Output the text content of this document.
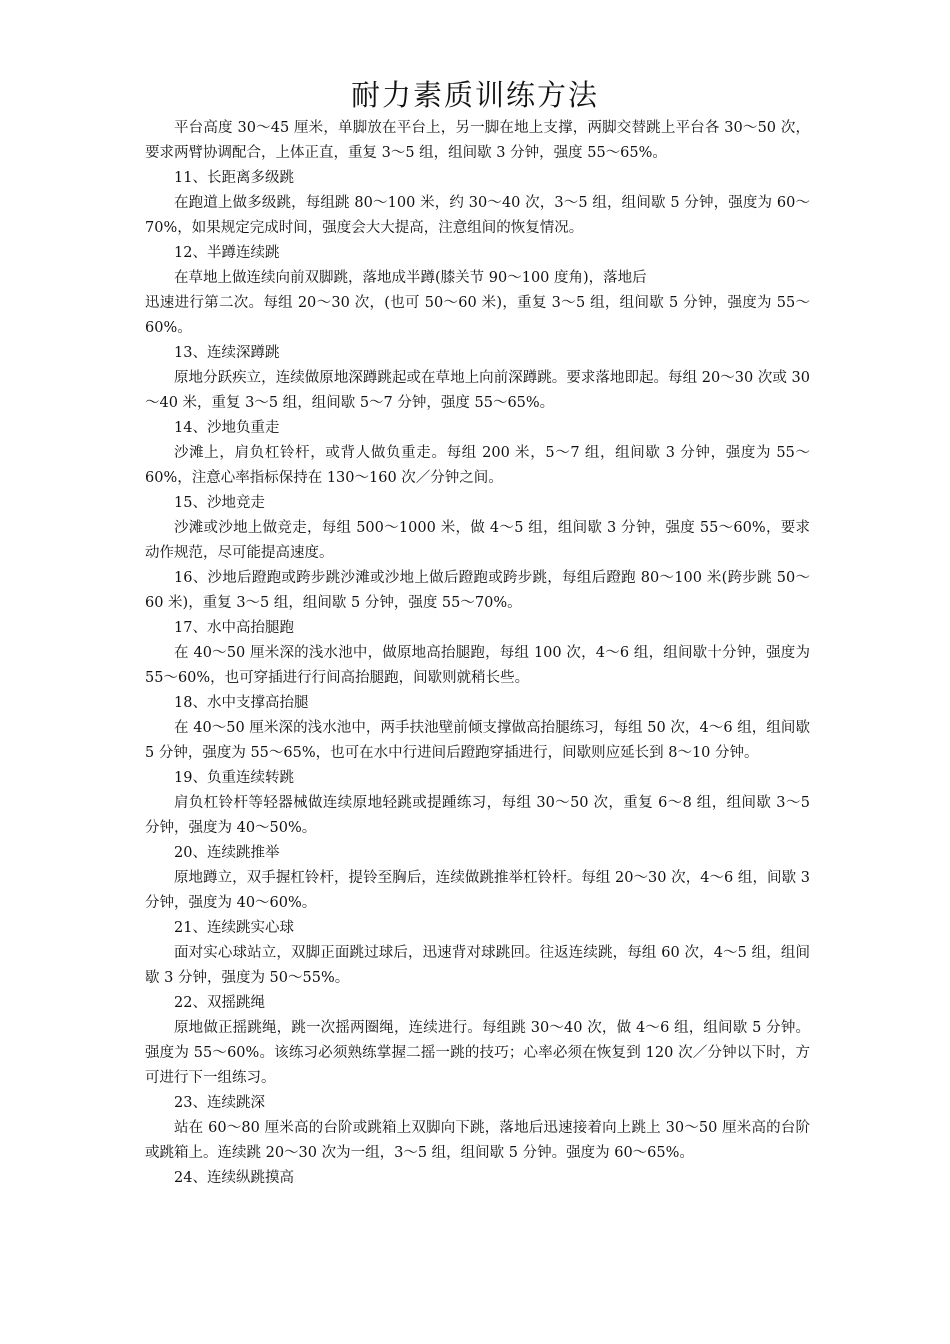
耐力素质训练方法

平台高度 30～45 厘米，单脚放在平台上，另一脚在地上支撑，两脚交替跳上平台各 30～50 次，要求两臂协调配合，上体正直，重复 3～5 组，组间歇 3 分钟，强度 55～65%。

11、长距离多级跳

在跑道上做多级跳，每组跳 80～100 米，约 30～40 次，3～5 组，组间歇 5 分钟，强度为 60～70%，如果规定完成时间，强度会大大提高，注意组间的恢复情况。

12、半蹲连续跳

在草地上做连续向前双脚跳，落地成半蹲(膝关节 90～100 度角)，落地后

迅速进行第二次。每组 20～30 次，(也可 50～60 米)，重复 3～5 组，组间歇 5 分钟，强度为 55～60%。

13、连续深蹲跳

原地分跃疾立，连续做原地深蹲跳起或在草地上向前深蹲跳。要求落地即起。每组 20～30 次或 30～40 米，重复 3～5 组，组间歇 5～7 分钟，强度 55～65%。

14、沙地负重走

沙滩上，肩负杠铃杆，或背人做负重走。每组 200 米，5～7 组，组间歇 3 分钟，强度为 55～60%，注意心率指标保持在 130～160 次／分钟之间。

15、沙地竞走

沙滩或沙地上做竞走，每组 500～1000 米，做 4～5 组，组间歇 3 分钟，强度 55～60%，要求动作规范，尽可能提高速度。

16、沙地后蹬跑或跨步跳沙滩或沙地上做后蹬跑或跨步跳，每组后蹬跑 80～100 米(跨步跳 50～60 米)，重复 3～5 组，组间歇 5 分钟，强度 55～70%。

17、水中高抬腿跑

在 40～50 厘米深的浅水池中，做原地高抬腿跑，每组 100 次，4～6 组，组间歇十分钟，强度为 55～60%，也可穿插进行行间高抬腿跑，间歇则就稍长些。

18、水中支撑高抬腿

在 40～50 厘米深的浅水池中，两手扶池壁前倾支撑做高抬腿练习，每组 50 次，4～6 组，组间歇 5 分钟，强度为 55～65%，也可在水中行进间后蹬跑穿插进行，间歇则应延长到 8～10 分钟。

19、负重连续转跳

肩负杠铃杆等轻器械做连续原地轻跳或提踵练习，每组 30～50 次，重复 6～8 组，组间歇 3～5 分钟，强度为 40～50%。

20、连续跳推举

原地蹲立，双手握杠铃杆，提铃至胸后，连续做跳推举杠铃杆。每组 20～30 次，4～6 组，间歇 3 分钟，强度为 40～60%。

21、连续跳实心球

面对实心球站立，双脚正面跳过球后，迅速背对球跳回。往返连续跳，每组 60 次，4～5 组，组间歇 3 分钟，强度为 50～55%。

22、双摇跳绳

原地做正摇跳绳，跳一次摇两圈绳，连续进行。每组跳 30～40 次，做 4～6 组，组间歇 5 分钟。强度为 55～60%。该练习必须熟练掌握二摇一跳的技巧；心率必须在恢复到 120 次／分钟以下时，方可进行下一组练习。

23、连续跳深

站在 60～80 厘米高的台阶或跳箱上双脚向下跳，落地后迅速接着向上跳上 30～50 厘米高的台阶或跳箱上。连续跳 20～30 次为一组，3～5 组，组间歇 5 分钟。强度为 60～65%。

24、连续纵跳摸高
